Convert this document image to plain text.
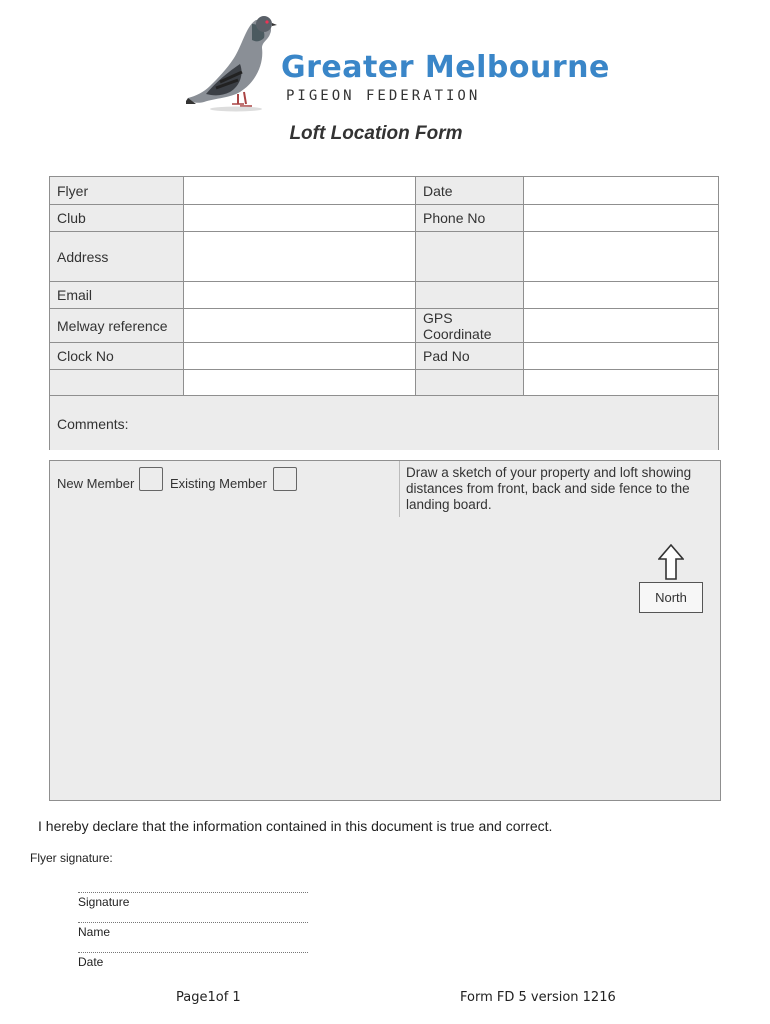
Greater Melbourne
PIGEON FEDERATION
Loft Location Form
Flyer	Date
Club	Phone No
Address
Email
Melway reference	GPS Coordinate
Clock No	Pad No
Comments:
New Member	Existing Member
Draw a sketch of your property and loft showing distances from front, back and side fence to the landing board.
North
I hereby declare that the information contained in this document is true and correct.
Flyer signature:
Signature
Name
Date
Page1of 1	Form FD 5 version 1216
